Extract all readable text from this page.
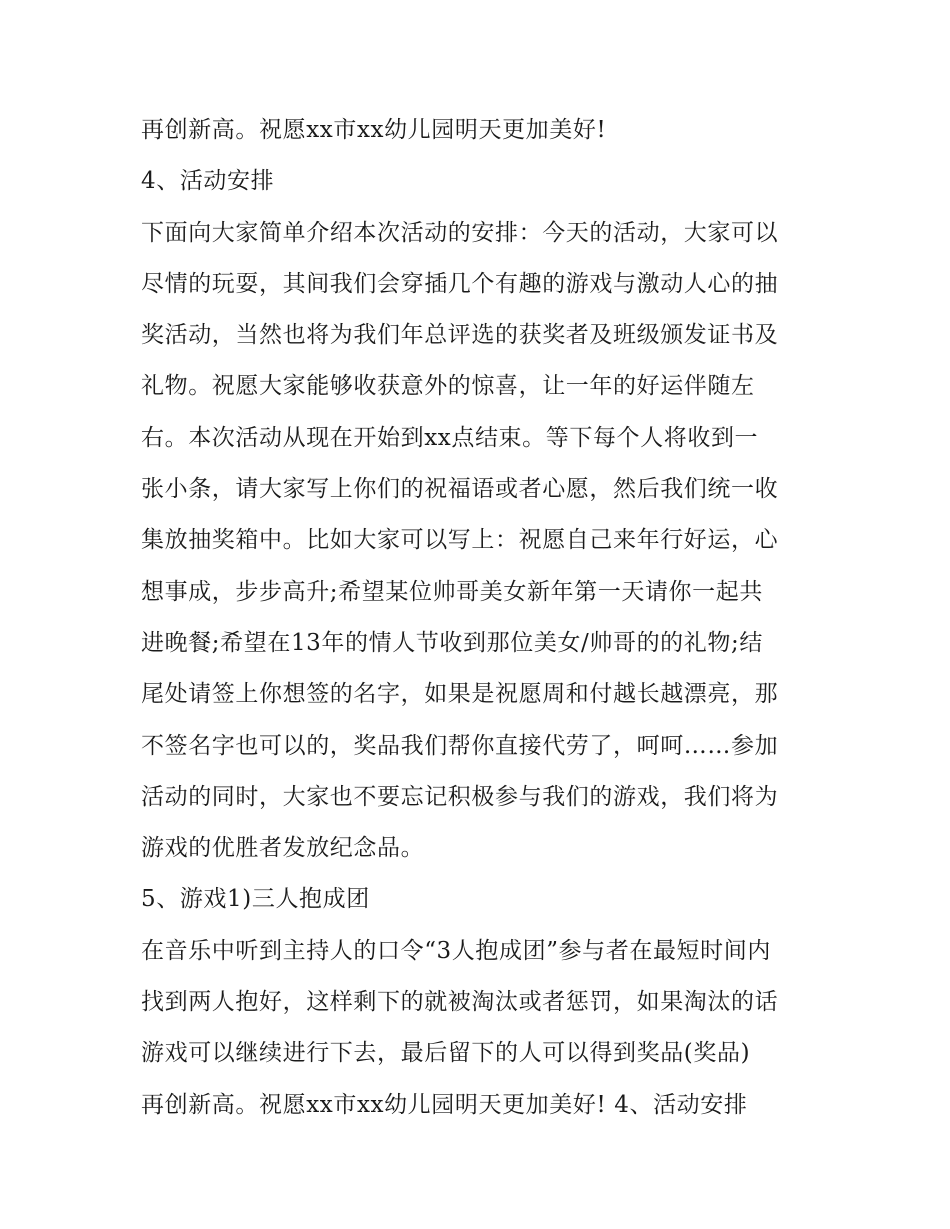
再创新高。祝愿xx市xx幼儿园明天更加美好!

4、活动安排

下面向大家简单介绍本次活动的安排：今天的活动，大家可以

尽情的玩耍，其间我们会穿插几个有趣的游戏与激动人心的抽

奖活动，当然也将为我们年总评选的获奖者及班级颁发证书及

礼物。祝愿大家能够收获意外的惊喜，让一年的好运伴随左

右。本次活动从现在开始到xx点结束。等下每个人将收到一

张小条，请大家写上你们的祝福语或者心愿，然后我们统一收

集放抽奖箱中。比如大家可以写上：祝愿自己来年行好运，心

想事成，步步高升;希望某位帅哥美女新年第一天请你一起共

进晚餐;希望在13年的情人节收到那位美女/帅哥的的礼物;结

尾处请签上你想签的名字，如果是祝愿周和付越长越漂亮，那

不签名字也可以的，奖品我们帮你直接代劳了，呵呵……参加

活动的同时，大家也不要忘记积极参与我们的游戏，我们将为

游戏的优胜者发放纪念品。

5、游戏1)三人抱成团

在音乐中听到主持人的口令“3人抱成团”参与者在最短时间内

找到两人抱好，这样剩下的就被淘汰或者惩罚，如果淘汰的话

游戏可以继续进行下去，最后留下的人可以得到奖品(奖品)

再创新高。祝愿xx市xx幼儿园明天更加美好! 4、活动安排
